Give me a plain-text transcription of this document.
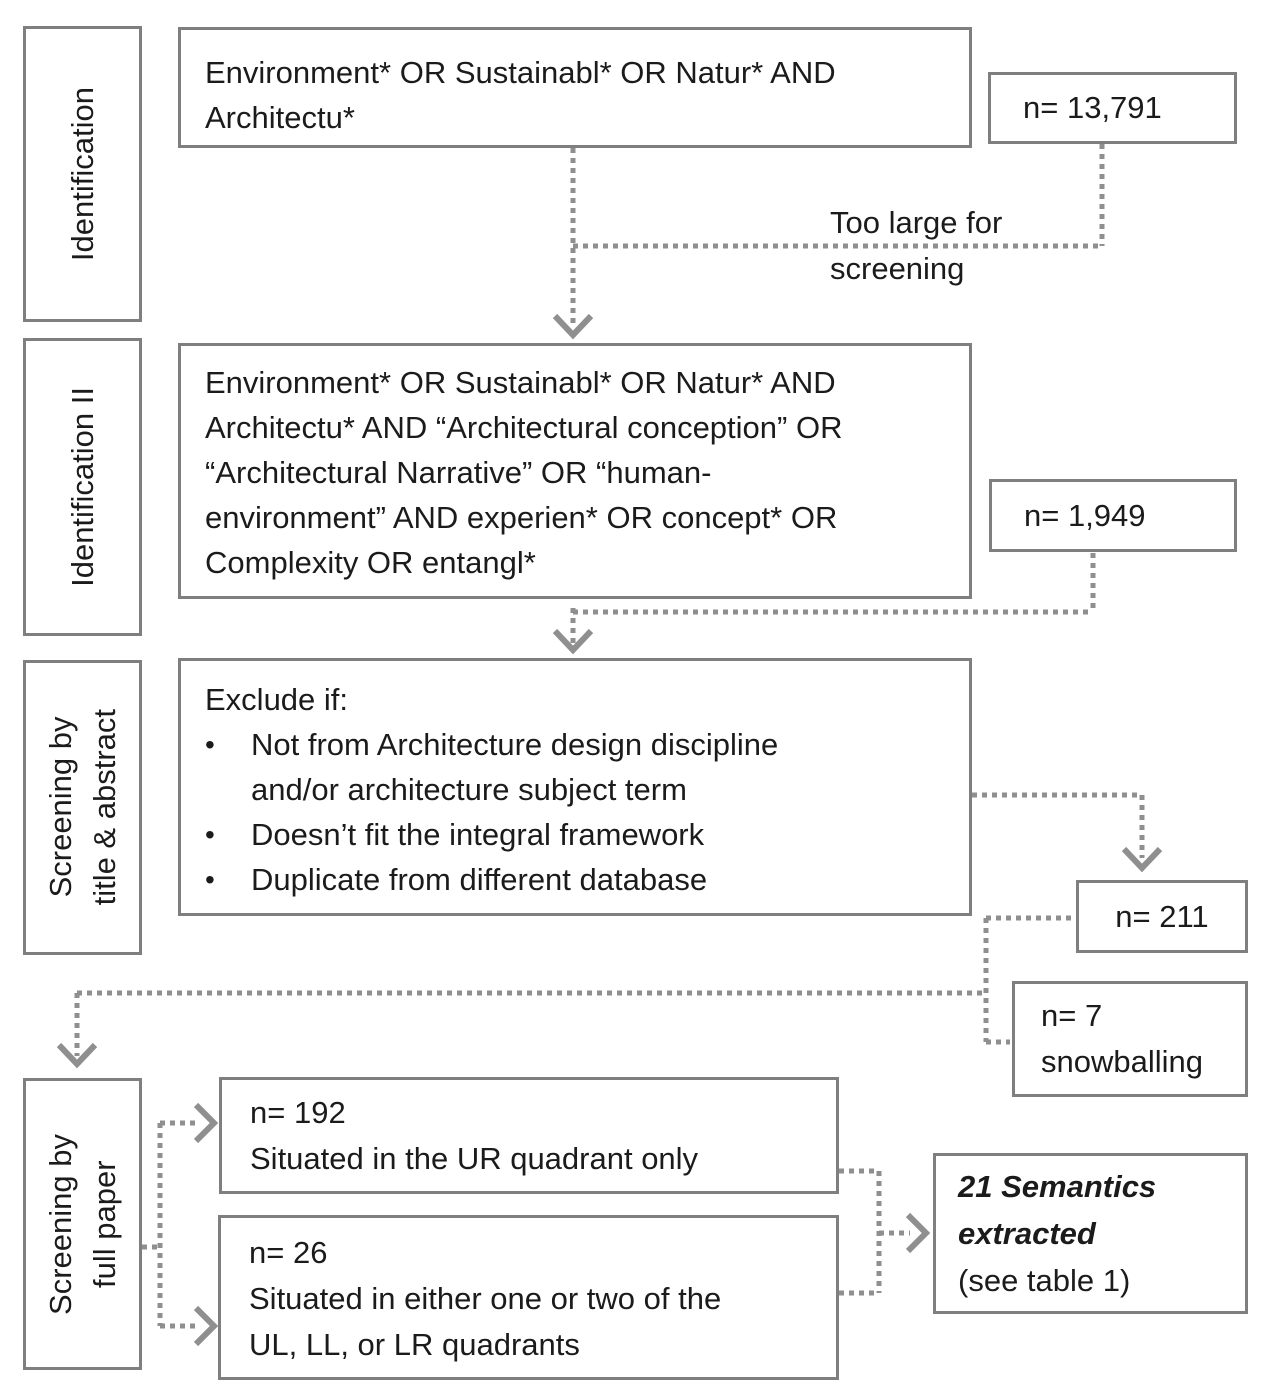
Identification
Identification II
Screening by title & abstract
Screening by full paper
Environment* OR Sustainabl* OR Natur* AND
Architectu*	n= 13,791
Too large for
screening
Environment* OR Sustainabl* OR Natur* AND
Architectu* AND “Architectural conception” OR
“Architectural Narrative” OR “human-
environment” AND experien* OR concept* OR
Complexity OR entangl*
n= 1,949
Exclude if:
•	Not from Architecture design discipline
and/or architecture subject term
•	Doesn’t fit the integral framework
•	Duplicate from different database
n= 211
n= 7
snowballing
n= 192
Situated in the UR quadrant only
n= 26
Situated in either one or two of the
UL, LL, or LR quadrants
21 Semantics
extracted
(see table 1)
